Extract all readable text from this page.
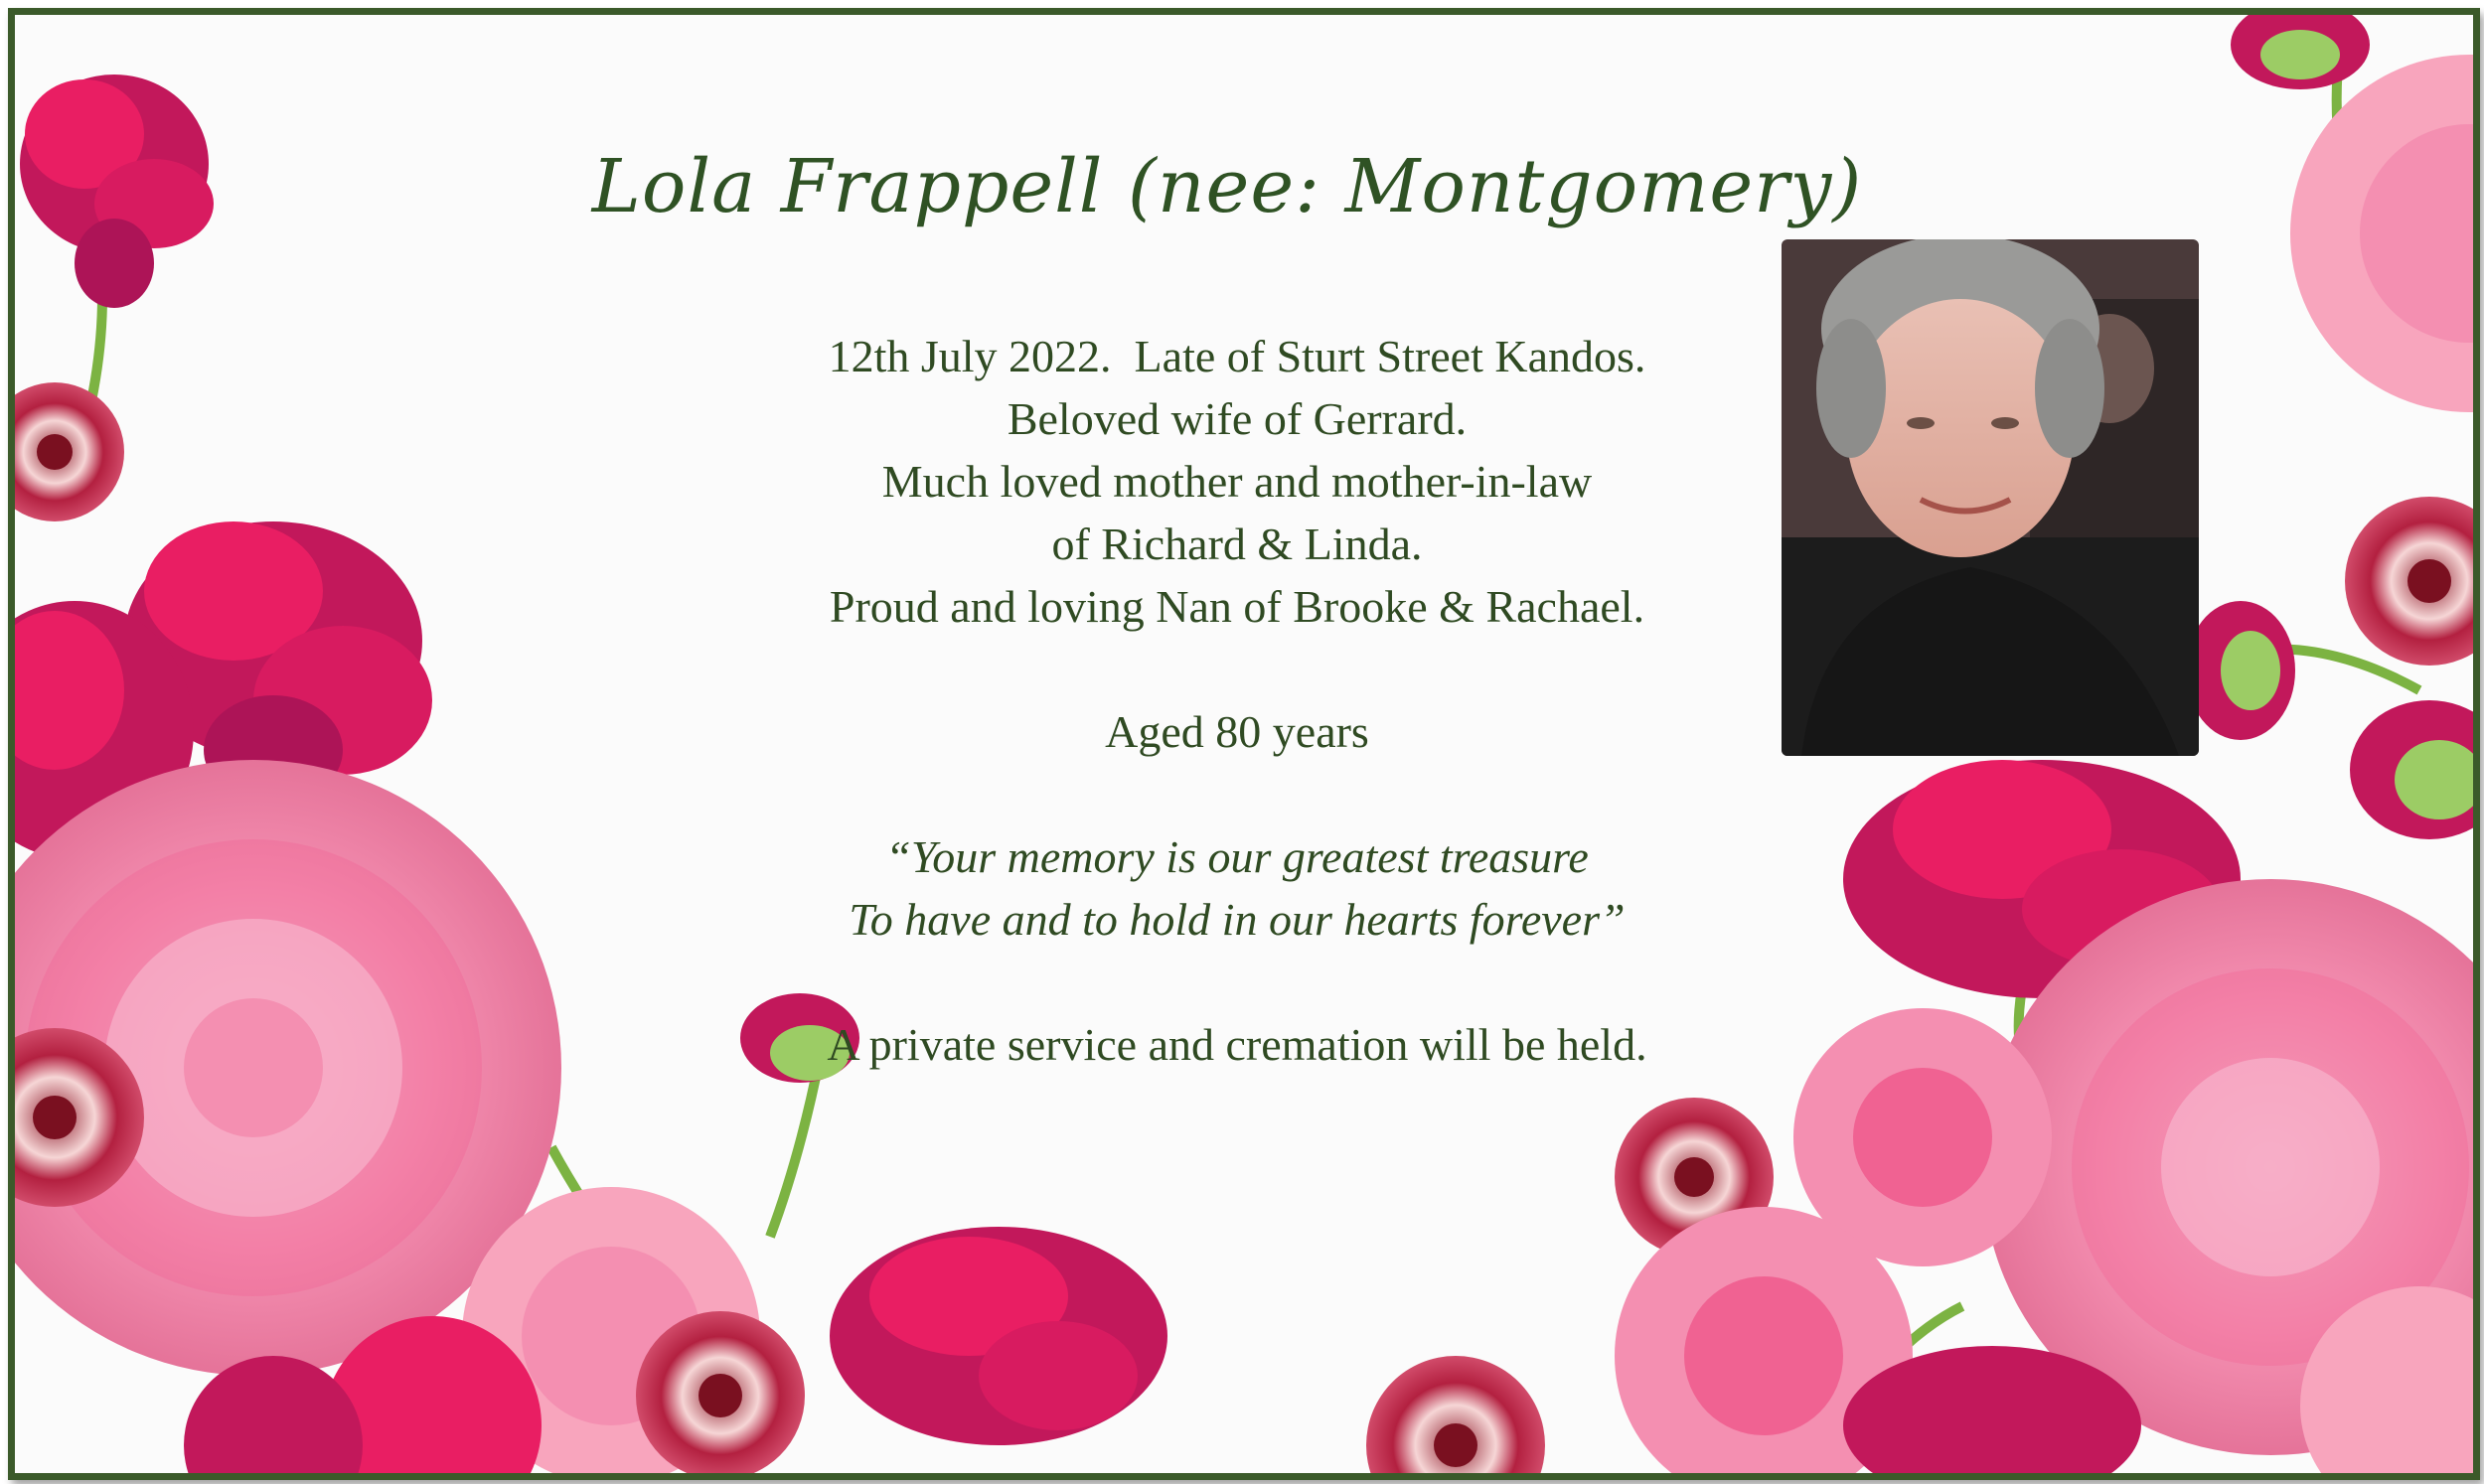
Lola Frappell (nee: Montgomery)
12th July 2022.  Late of Sturt Street Kandos.
Beloved wife of Gerrard.
Much loved mother and mother-in-law
of Richard & Linda.
Proud and loving Nan of Brooke & Rachael.
Aged 80 years
“Your memory is our greatest treasure
To have and to hold in our hearts forever”
A private service and cremation will be held.
